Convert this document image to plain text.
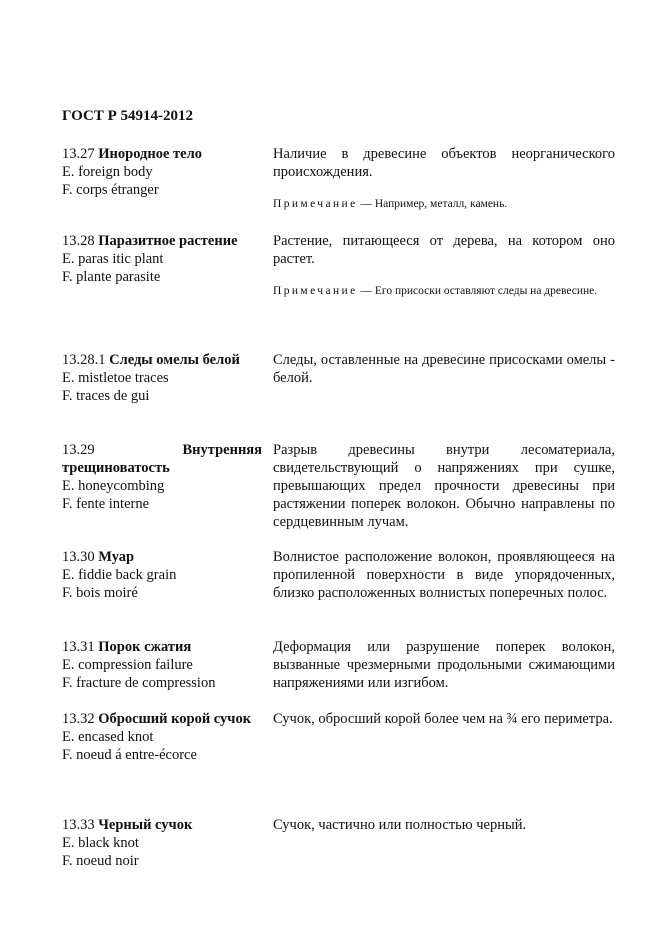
ГОСТ Р 54914-2012
13.27 Инородное тело
E. foreign body
F. corps étranger
Наличие в древесине объектов неорганического происхождения.
Примечание — Например, металл, камень.
13.28 Паразитное растение
E. paras itic plant
F. plante parasite
Растение, питающееся от дерева, на котором оно растет.
Примечание — Его присоски оставляют следы на древесине.
13.28.1 Следы омелы белой
E. mistletoe traces
F. traces de gui
Следы, оставленные на древесине присосками омелы - белой.
13.29	Внутренняя трещиноватость
E. honeycombing
F. fente interne
Разрыв древесины внутри лесоматериала, свидетельствующий о напряжениях при сушке, превышающих предел прочности древесины при растяжении поперек волокон. Обычно направлены по сердцевинным лучам.
13.30 Муар
E. fiddie back grain
F. bois moiré
Волнистое расположение волокон, проявляющееся на пропиленной поверхности в виде упорядоченных, близко расположенных волнистых поперечных полос.
13.31 Порок сжатия
E. compression failure
F. fracture de compression
Деформация или разрушение поперек волокон, вызванные чрезмерными продольными сжимающими напряжениями или изгибом.
13.32 Обросший корой сучок
E. encased knot
F. noeud á entre-écorce
Сучок, обросший корой более чем на ¾ его периметра.
13.33 Черный сучок
E. black knot
F. noeud noir
Сучок, частично или полностью черный.
